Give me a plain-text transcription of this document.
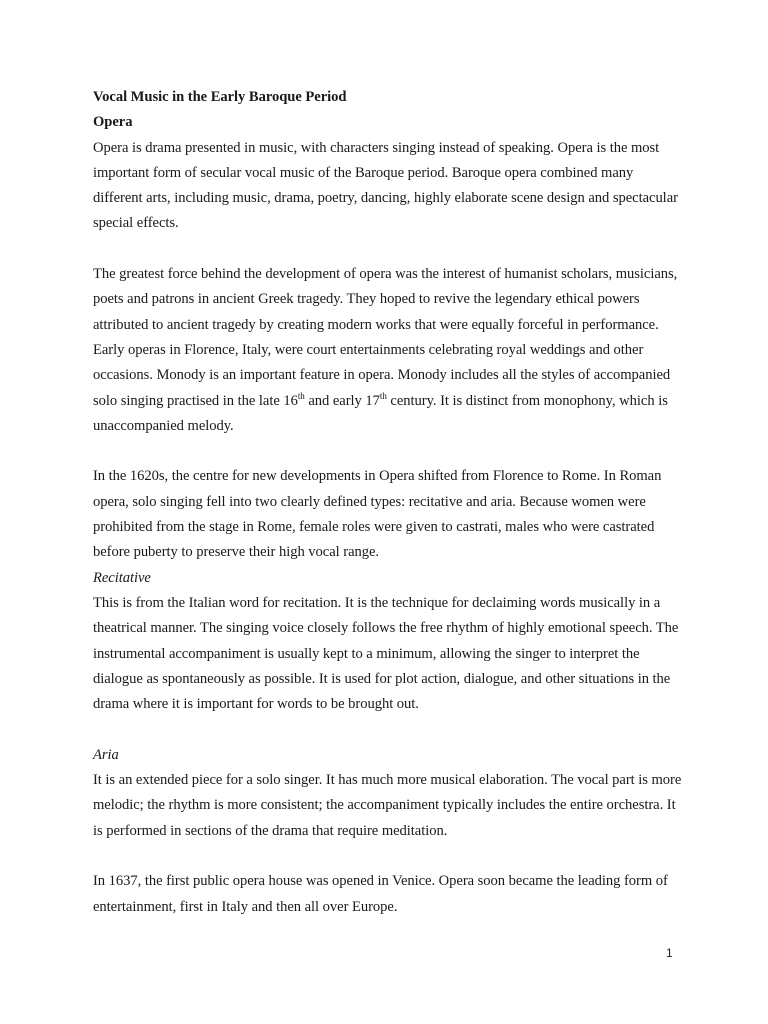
Vocal Music in the Early Baroque Period

Opera

Opera is drama presented in music, with characters singing instead of speaking. Opera is the most important form of secular vocal music of the Baroque period. Baroque opera combined many different arts, including music, drama, poetry, dancing, highly elaborate scene design and spectacular special effects.

The greatest force behind the development of opera was the interest of humanist scholars, musicians, poets and patrons in ancient Greek tragedy. They hoped to revive the legendary ethical powers attributed to ancient tragedy by creating modern works that were equally forceful in performance. Early operas in Florence, Italy, were court entertainments celebrating royal weddings and other occasions. Monody is an important feature in opera. Monody includes all the styles of accompanied solo singing practised in the late 16th and early 17th century. It is distinct from monophony, which is unaccompanied melody.

In the 1620s, the centre for new developments in Opera shifted from Florence to Rome. In Roman opera, solo singing fell into two clearly defined types: recitative and aria. Because women were prohibited from the stage in Rome, female roles were given to castrati, males who were castrated before puberty to preserve their high vocal range.

Recitative

This is from the Italian word for recitation. It is the technique for declaiming words musically in a theatrical manner. The singing voice closely follows the free rhythm of highly emotional speech. The instrumental accompaniment is usually kept to a minimum, allowing the singer to interpret the dialogue as spontaneously as possible. It is used for plot action, dialogue, and other situations in the drama where it is important for words to be brought out.

Aria

It is an extended piece for a solo singer. It has much more musical elaboration. The vocal part is more melodic; the rhythm is more consistent; the accompaniment typically includes the entire orchestra. It is performed in sections of the drama that require meditation.

In 1637, the first public opera house was opened in Venice. Opera soon became the leading form of entertainment, first in Italy and then all over Europe.

1
